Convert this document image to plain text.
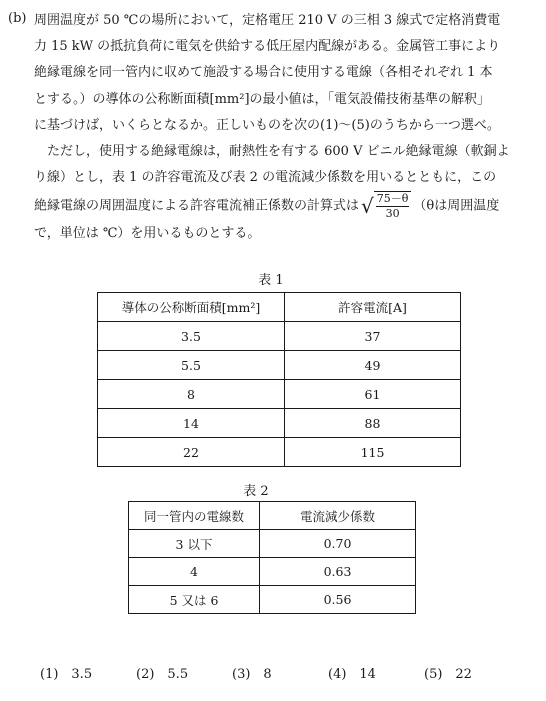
(b) 周囲温度が 50 ℃の場所において，定格電圧 210 V の三相 3 線式で定格消費電

力 15 kW の抵抗負荷に電気を供給する低圧屋内配線がある。金属管工事により

絶縁電線を同一管内に収めて施設する場合に使用する電線（各相それぞれ 1 本

とする。）の導体の公称断面積[mm²]の最小値は，「電気設備技術基準の解釈」

に基づけば，いくらとなるか。正しいものを次の(1)～(5)のうちから一つ選べ。

ただし，使用する絶縁電線は，耐熱性を有する 600 V ビニル絶縁電線（軟銅よ

り線）とし，表 1 の許容電流及び表 2 の電流減少係数を用いるとともに，この

絶縁電線の周囲温度による許容電流補正係数の計算式は √ $\frac{75-\theta}{30} (\theta$は周囲温度

で，単位は ℃）を用いるものとする。

表 1
導体の公称断面積[mm²]	許容電流[A]
3.5	37
5.5	49
8	61
14	88
22	115
表 2
同一管内の電線数	電流減少係数
3 以下	0.70
4	0.63
5 又は 6	0.56
(1)　3.5	(2)　5.5	(3)　8	(4)　14	(5)　22
